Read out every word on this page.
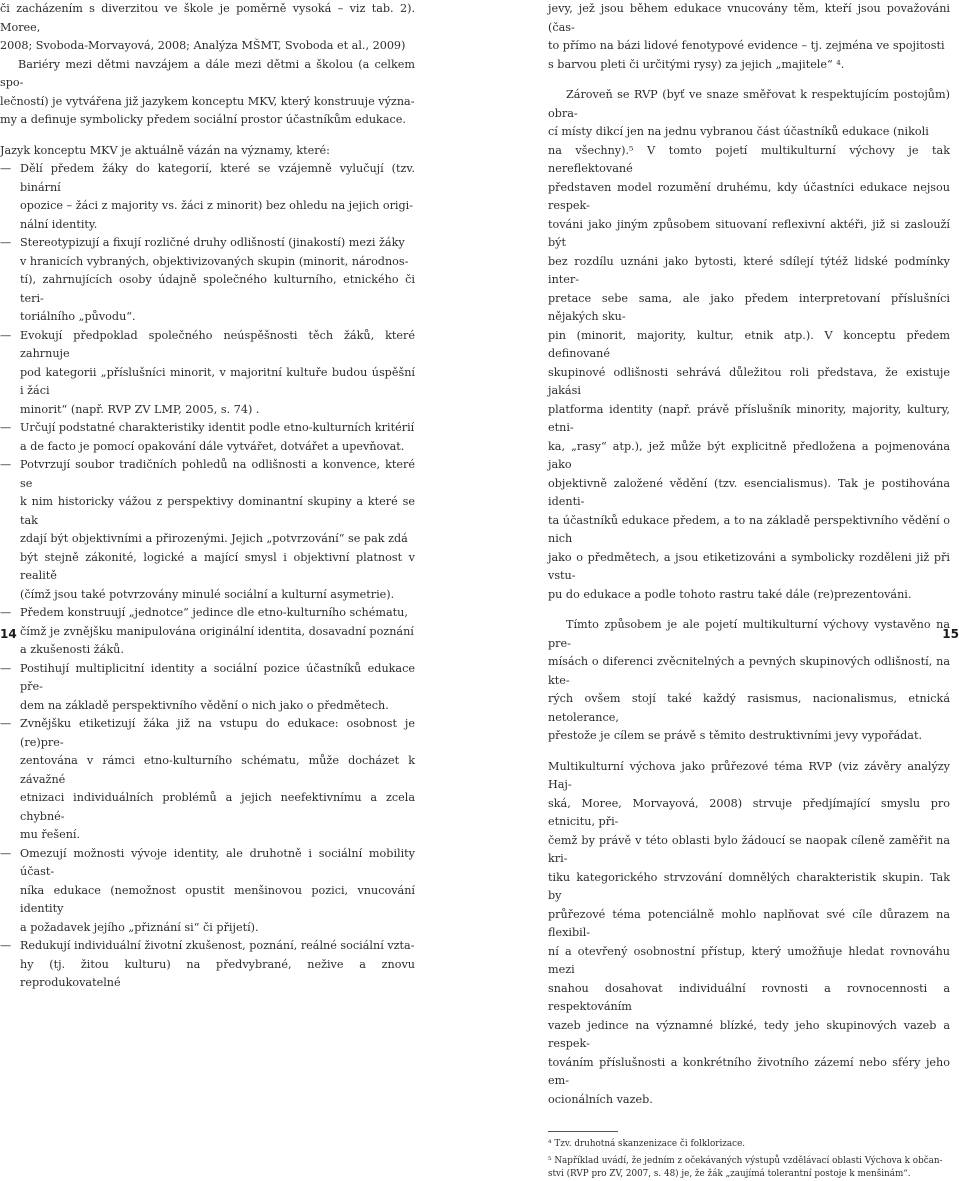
či zacházením s diverzitou ve škole je poměrně vysoká – viz tab. 2). Moree,

2008; Svoboda-Morvayová, 2008; Analýza MŠMT, Svoboda et al., 2009)

Bariéry mezi dětmi navzájem a dále mezi dětmi a školou (a celkem spo-

lečností) je vytvářena již jazykem konceptu MKV, který konstruuje význa-

my a definuje symbolicky předem sociální prostor účastníkům edukace.

Jazyk konceptu MKV je aktuálně vázán na významy, které:

— Dělí předem žáky do kategorií, které se vzájemně vylučují (tzv. binární
opozice – žáci z majority vs. žáci z minorit) bez ohledu na jejich origi-
nální identity.
— Stereotypizují a fixují rozličné druhy odlišností (jinakostí) mezi žáky
v hranicích vybraných, objektivizovaných skupin (minorit, národnos-
tí), zahrnujících osoby údajně společného kulturního, etnického či teri-
toriálního „původu“.
— Evokují předpoklad společného neúspěšnosti těch žáků, které zahrnuje
pod kategorii „příslušníci minorit, v majoritní kultuře budou úspěšní i žáci
minorit“ (např. RVP ZV LMP, 2005, s. 74) .
— Určují podstatné charakteristiky identit podle etno-kulturních kritérií
a de facto je pomocí opakování dále vytvářet, dotvářet a upevňovat.
— Potvrzují soubor tradičních pohledů na odlišnosti a konvence, které se
k nim historicky vážou z perspektivy dominantní skupiny a které se tak
zdají být objektivními a přirozenými. Jejich „potvrzování“ se pak zdá
být stejně zákonité, logické a mající smysl i objektivní platnost v realitě
(čímž jsou také potvrzovány minulé sociální a kulturní asymetrie).
— Předem konstruují „jednotce“ jedince dle etno-kulturního schématu,
čímž je zvnějšku manipulována originální identita, dosavadní poznání
a zkušenosti žáků.
— Postihují multiplicitní identity a sociální pozice účastníků edukace pře-
dem na základě perspektivního vědění o nich jako o předmětech.
— Zvnějšku etiketizují žáka již na vstupu do edukace: osobnost je (re)pre-
zentována v rámci etno-kulturního schématu, může docházet k závažné
etnizaci individuálních problémů a jejich neefektivnímu a zcela chybné-
mu řešení.
— Omezují možnosti vývoje identity, ale druhotně i sociální mobility účast-
níka edukace (nemožnost opustit menšinovou pozici, vnucování identity
a požadavek jejího „přiznání si“ či přijetí).
— Redukují individuální životní zkušenost, poznání, reálné sociální vzta-
hy (tj. žitou kulturu) na předvybrané, nežive a znovu reprodukovatelné

jevy, jež jsou během edukace vnucovány těm, kteří jsou považováni (čas-

to přímo na bázi lidové fenotypové evidence – tj. zejména ve spojitosti

s barvou pleti či určitými rysy) za jejich „majitele“ ⁴.

Zároveň se RVP (byť ve snaze směřovat k respektujícím postojům) obra-

cí místy dikcí jen na jednu vybranou část účastníků edukace (nikoli

na všechny).⁵ V tomto pojetí multikulturní výchovy je tak nereflektované

představen model rozumění druhému, kdy účastníci edukace nejsou respek-

továni jako jiným způsobem situovaní reflexivní aktéři, již si zaslouží být

bez rozdílu uznáni jako bytosti, které sdílejí týtéž lidské podmínky inter-

pretace sebe sama, ale jako předem interpretovaní příslušníci nějakých sku-

pin (minorit, majority, kultur, etnik atp.). V konceptu předem definované

skupinové odlišnosti sehrává důležitou roli představa, že existuje jakási

platforma identity (např. právě příslušník minority, majority, kultury, etni-

ka, „rasy“ atp.), jež může být explicitně předložena a pojmenována jako

objektivně založené vědění (tzv. esencialismus). Tak je postihována identi-

ta účastníků edukace předem, a to na základě perspektivního vědění o nich

jako o předmětech, a jsou etiketizováni a symbolicky rozděleni již při vstu-

pu do edukace a podle tohoto rastru také dále (re)prezentováni.

Tímto způsobem je ale pojetí multikulturní výchovy vystavěno na pre-

mísách o diferenci zvěcnitelných a pevných skupinových odlišností, na kte-

rých ovšem stojí také každý rasismus, nacionalismus, etnická netolerance,

přestože je cílem se právě s těmito destruktivními jevy vypořádat.

Multikulturní výchova jako průřezové téma RVP (viz závěry analýzy Haj-

ská, Moree, Morvayová, 2008) strvuje předjímající smyslu pro etnicitu, při-

čemž by právě v této oblasti bylo žádoucí se naopak cíleně zaměřit na kri-

tiku kategorického strvzování domnělých charakteristik skupin. Tak by

průřezové téma potenciálně mohlo naplňovat své cíle důrazem na flexibil-

ní a otevřený osobnostní přístup, který umožňuje hledat rovnováhu mezi

snahou dosahovat individuální rovnosti a rovnocennosti a respektováním

vazeb jedince na významné blízké, tedy jeho skupinových vazeb a respek-

továním příslušnosti a konkrétního životního zázemí nebo sféry jeho em-

ocionálních vazeb.

⁴ Tzv. druhotná skanzenizace či folklorizace.

⁵ Například uvádí, že jedním z očekávaných výstupů vzdělávací oblasti Výchova k občan-

stvi (RVP pro ZV, 2007, s. 48) je, že žák „zaujímá tolerantní postoje k menšinám“.

14	15
